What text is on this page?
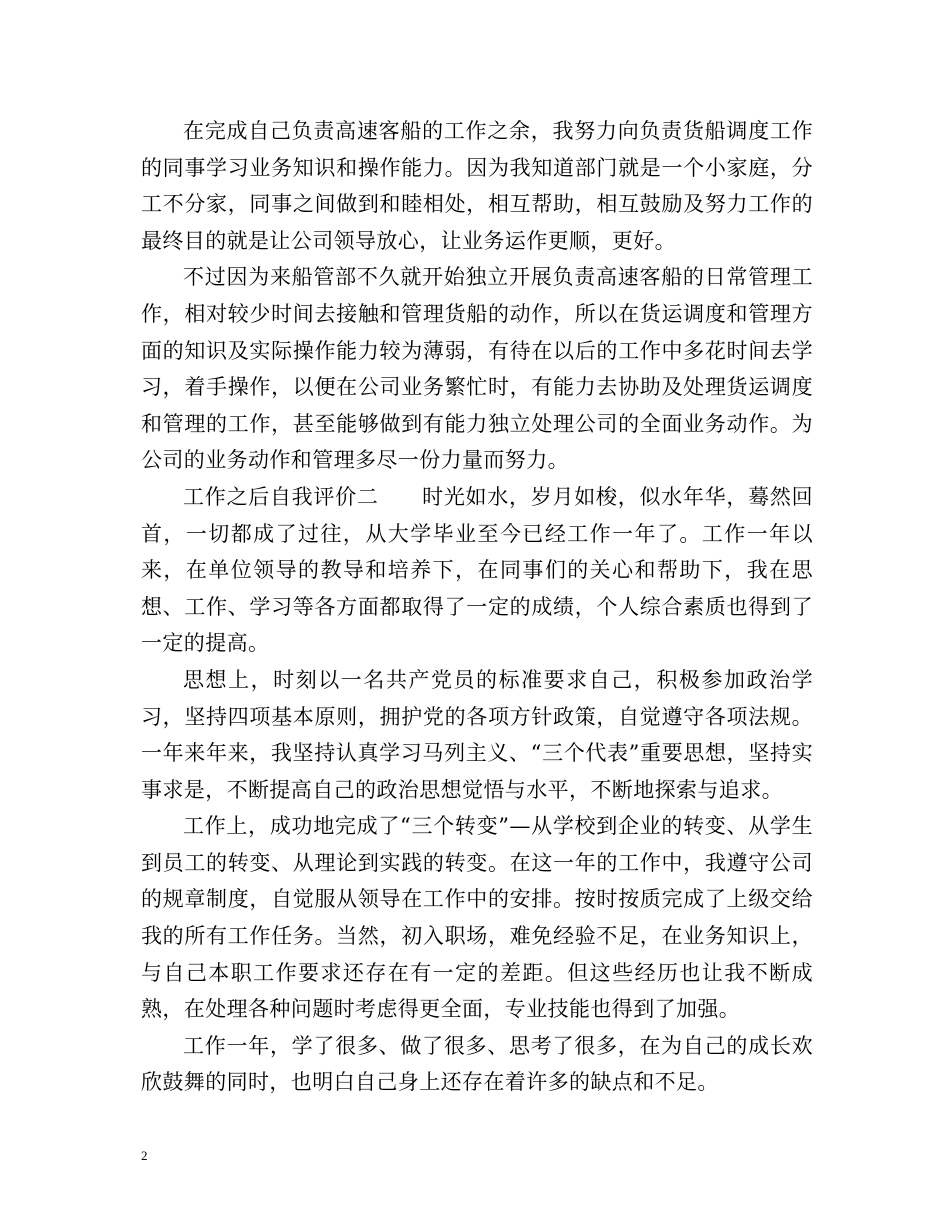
在完成自己负责高速客船的工作之余，我努力向负责货船调度工作的同事学习业务知识和操作能力。因为我知道部门就是一个小家庭，分工不分家，同事之间做到和睦相处，相互帮助，相互鼓励及努力工作的最终目的就是让公司领导放心，让业务运作更顺，更好。

不过因为来船管部不久就开始独立开展负责高速客船的日常管理工作，相对较少时间去接触和管理货船的动作，所以在货运调度和管理方面的知识及实际操作能力较为薄弱，有待在以后的工作中多花时间去学习，着手操作，以便在公司业务繁忙时，有能力去协助及处理货运调度和管理的工作，甚至能够做到有能力独立处理公司的全面业务动作。为公司的业务动作和管理多尽一份力量而努力。

工作之后自我评价二　　时光如水，岁月如梭，似水年华，蓦然回首，一切都成了过往，从大学毕业至今已经工作一年了。工作一年以来，在单位领导的教导和培养下，在同事们的关心和帮助下，我在思想、工作、学习等各方面都取得了一定的成绩，个人综合素质也得到了一定的提高。

思想上，时刻以一名共产党员的标准要求自己，积极参加政治学习，坚持四项基本原则，拥护党的各项方针政策，自觉遵守各项法规。一年来年来，我坚持认真学习马列主义、“三个代表”重要思想，坚持实事求是，不断提高自己的政治思想觉悟与水平，不断地探索与追求。

工作上，成功地完成了“三个转变”—从学校到企业的转变、从学生到员工的转变、从理论到实践的转变。在这一年的工作中，我遵守公司的规章制度，自觉服从领导在工作中的安排。按时按质完成了上级交给我的所有工作任务。当然，初入职场，难免经验不足，在业务知识上，与自己本职工作要求还存在有一定的差距。但这些经历也让我不断成熟，在处理各种问题时考虑得更全面，专业技能也得到了加强。

工作一年，学了很多、做了很多、思考了很多，在为自己的成长欢欣鼓舞的同时，也明白自己身上还存在着许多的缺点和不足。

2
